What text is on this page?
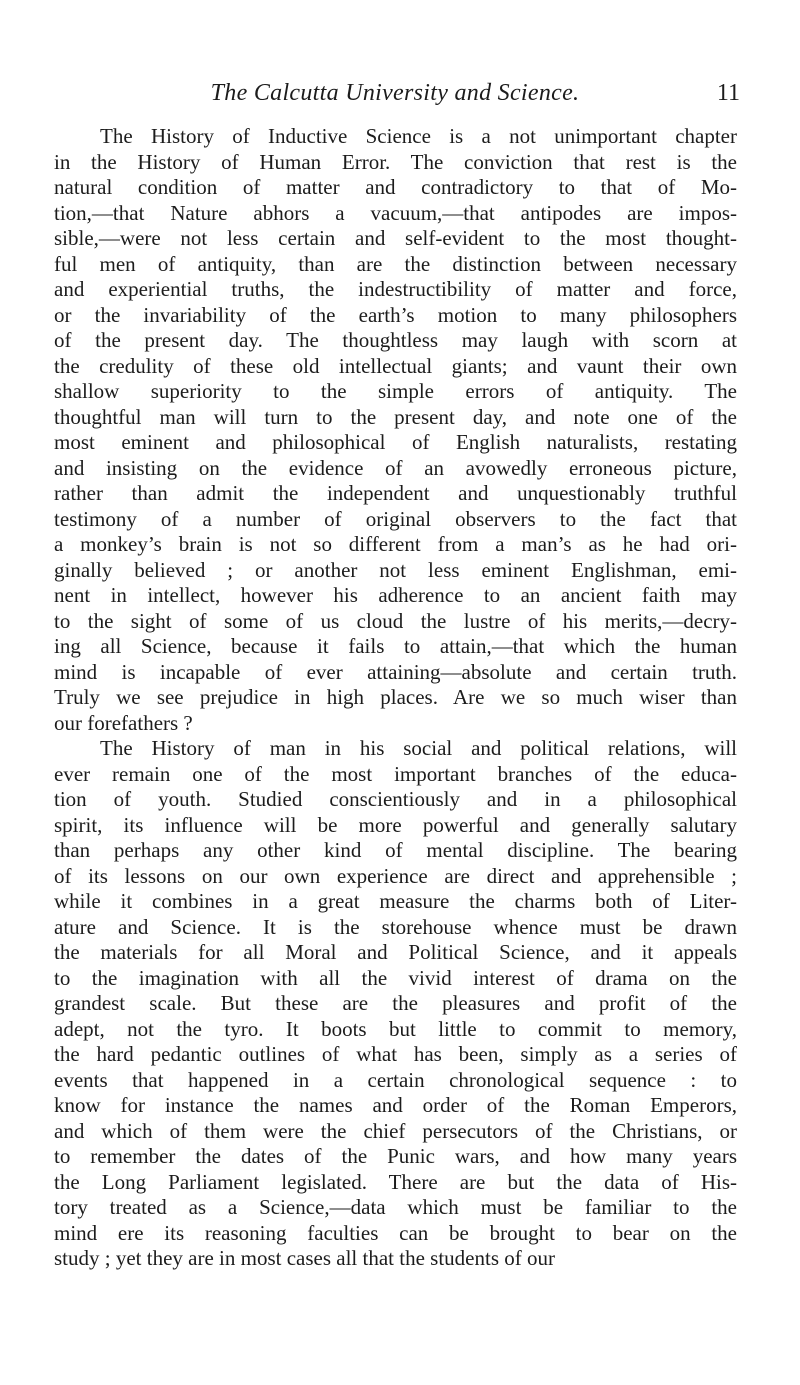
The Calcutta University and Science.	11
The History of Inductive Science is a not unimportant chapter
in the History of Human Error. The conviction that rest is the
natural condition of matter and contradictory to that of Mo-
tion,—that Nature abhors a vacuum,—that antipodes are impos-
sible,—were not less certain and self-evident to the most thought-
ful men of antiquity, than are the distinction between necessary
and experiential truths, the indestructibility of matter and force,
or the invariability of the earth’s motion to many philosophers
of the present day. The thoughtless may laugh with scorn at
the credulity of these old intellectual giants; and vaunt their own
shallow superiority to the simple errors of antiquity. The
thoughtful man will turn to the present day, and note one of the
most eminent and philosophical of English naturalists, restating
and insisting on the evidence of an avowedly erroneous picture,
rather than admit the independent and unquestionably truthful
testimony of a number of original observers to the fact that
a monkey’s brain is not so different from a man’s as he had ori-
ginally believed ; or another not less eminent Englishman, emi-
nent in intellect, however his adherence to an ancient faith may
to the sight of some of us cloud the lustre of his merits,—decry-
ing all Science, because it fails to attain,—that which the human
mind is incapable of ever attaining—absolute and certain truth.
Truly we see prejudice in high places. Are we so much wiser than
our forefathers ?
The History of man in his social and political relations, will
ever remain one of the most important branches of the educa-
tion of youth. Studied conscientiously and in a philosophical
spirit, its influence will be more powerful and generally salutary
than perhaps any other kind of mental discipline. The bearing
of its lessons on our own experience are direct and apprehensible ;
while it combines in a great measure the charms both of Liter-
ature and Science. It is the storehouse whence must be drawn
the materials for all Moral and Political Science, and it appeals
to the imagination with all the vivid interest of drama on the
grandest scale. But these are the pleasures and profit of the
adept, not the tyro. It boots but little to commit to memory,
the hard pedantic outlines of what has been, simply as a series of
events that happened in a certain chronological sequence : to
know for instance the names and order of the Roman Emperors,
and which of them were the chief persecutors of the Christians, or
to remember the dates of the Punic wars, and how many years
the Long Parliament legislated. There are but the data of His-
tory treated as a Science,—data which must be familiar to the
mind ere its reasoning faculties can be brought to bear on the
study ; yet they are in most cases all that the students of our
